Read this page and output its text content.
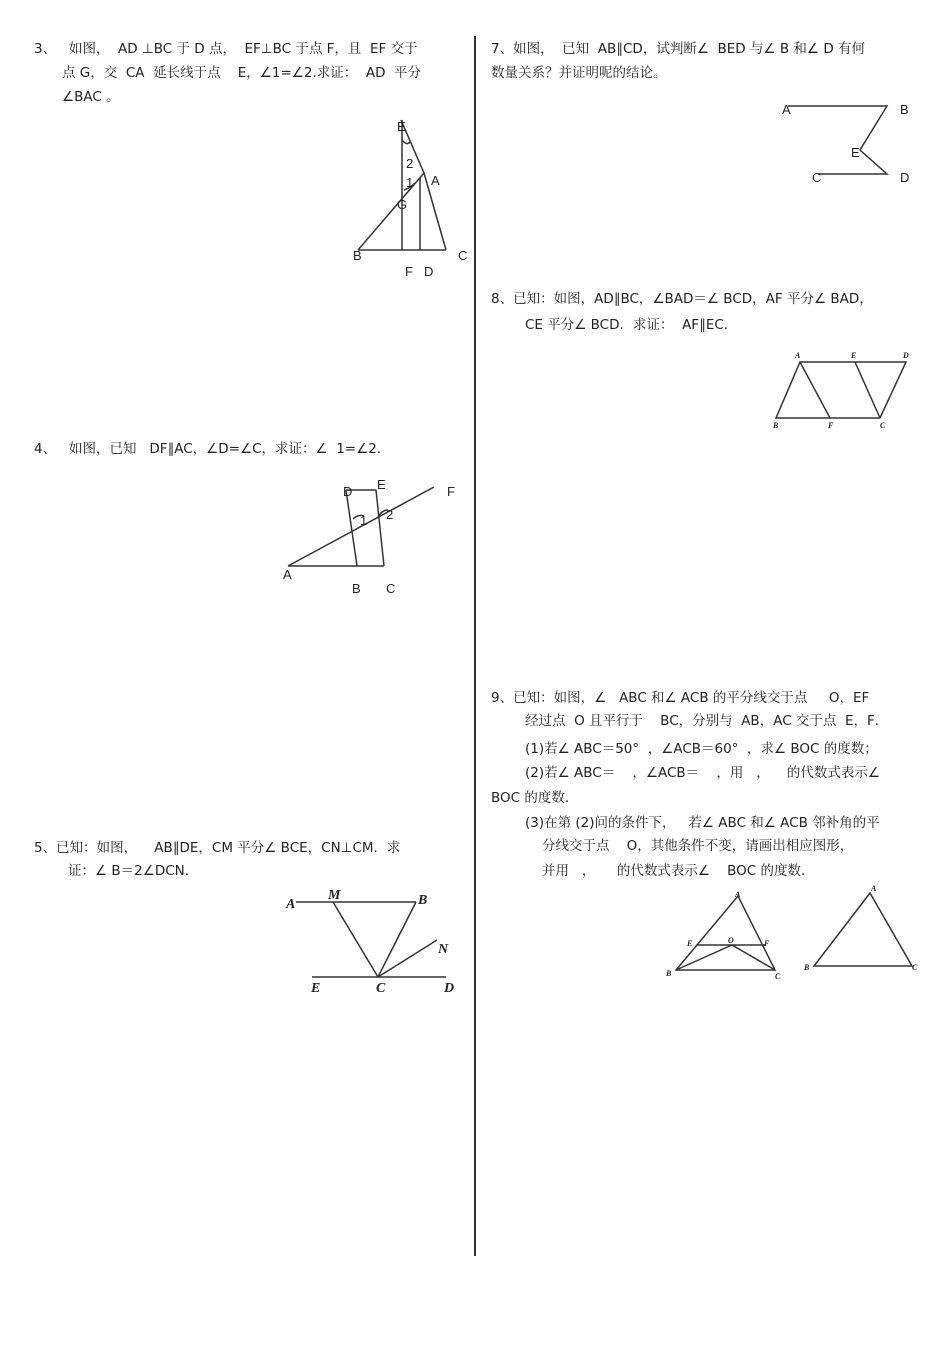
3、   如图，  AD ⊥BC 于 D 点，  EF⊥BC 于点 F，且  EF 交于
点 G，交  CA  延长线于点    E，∠1=∠2.求证：  AD  平分
∠BAC 。
E
2
1 A
G
B	C
F D
4、   如图，已知   DF∥AC，∠D=∠C，求证：∠  1=∠2.
D E	F
1 2
A
B C
5、已知：如图，    AB∥DE，CM 平分∠ BCE，CN⊥CM．求
证：∠ B＝2∠DCN．
A
M	B
N
E	C	D
7、如图，  已知  AB∥CD，试判断∠  BED 与∠ B 和∠ D 有何
数量关系？并证明呢的结论。
A	B
E
C	D
8、已知：如图，AD∥BC，∠BAD＝∠ BCD，AF 平分∠ BAD，
CE 平分∠ BCD．求证：  AF∥EC．
A	E	D
B	F	C
9、已知：如图，∠   ABC 和∠ ACB 的平分线交于点     O，EF
经过点  O 且平行于    BC，分别与  AB，AC 交于点  E，F．
(1)若∠ ABC＝50°  ，∠ACB＝60°  ，求∠ BOC 的度数；
(2)若∠ ABC＝    ，∠ACB＝    ，用   ，    的代数式表示∠
BOC 的度数.
(3)在第 (2)问的条件下，   若∠ ABC 和∠ ACB 邻补角的平
分线交于点    O，其他条件不变，请画出相应图形，
并用   ，     的代数式表示∠    BOC 的度数.
A
E	O	F
B	C
A
B	C
